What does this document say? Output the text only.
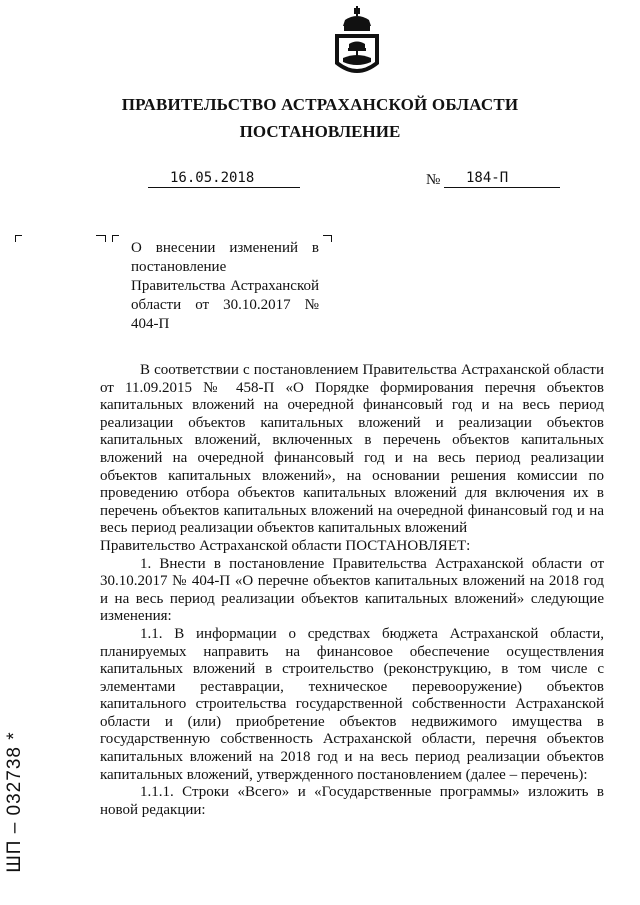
ПРАВИТЕЛЬСТВО АСТРАХАНСКОЙ ОБЛАСТИ
ПОСТАНОВЛЕНИЕ
16.05.2018	№	184-П
О внесении изменений в постановление Правительства Астраханской области от 30.10.2017 № 404-П

В соответствии с постановлением Правительства Астраханской области от 11.09.2015 № 458-П «О Порядке формирования перечня объектов капитальных вложений на очередной финансовый год и на весь период реализации объектов капитальных вложений и реализации объектов капитальных вложений, включенных в перечень объектов капитальных вложений на очередной финансовый год и на весь период реализации объектов капитальных вложений», на основании решения комиссии по проведению отбора объектов капитальных вложений для включения их в перечень объектов капитальных вложений на очередной финансовый год и на весь период реализации объектов капитальных вложений

Правительство Астраханской области ПОСТАНОВЛЯЕТ:

1. Внести в постановление Правительства Астраханской области от 30.10.2017 № 404-П «О перечне объектов капитальных вложений на 2018 год и на весь период реализации объектов капитальных вложений» следующие изменения:

1.1. В информации о средствах бюджета Астраханской области, планируемых направить на финансовое обеспечение осуществления капитальных вложений в строительство (реконструкцию, в том числе с элементами реставрации, техническое перевооружение) объектов капитального строительства государственной собственности Астраханской области и (или) приобретение объектов недвижимого имущества в государственную собственность Астраханской области, перечня объектов капитальных вложений на 2018 год и на весь период реализации объектов капитальных вложений, утвержденного постановлением (далее – перечень):

1.1.1. Строки «Всего» и «Государственные программы» изложить в новой редакции:

ШП – 032738 *
